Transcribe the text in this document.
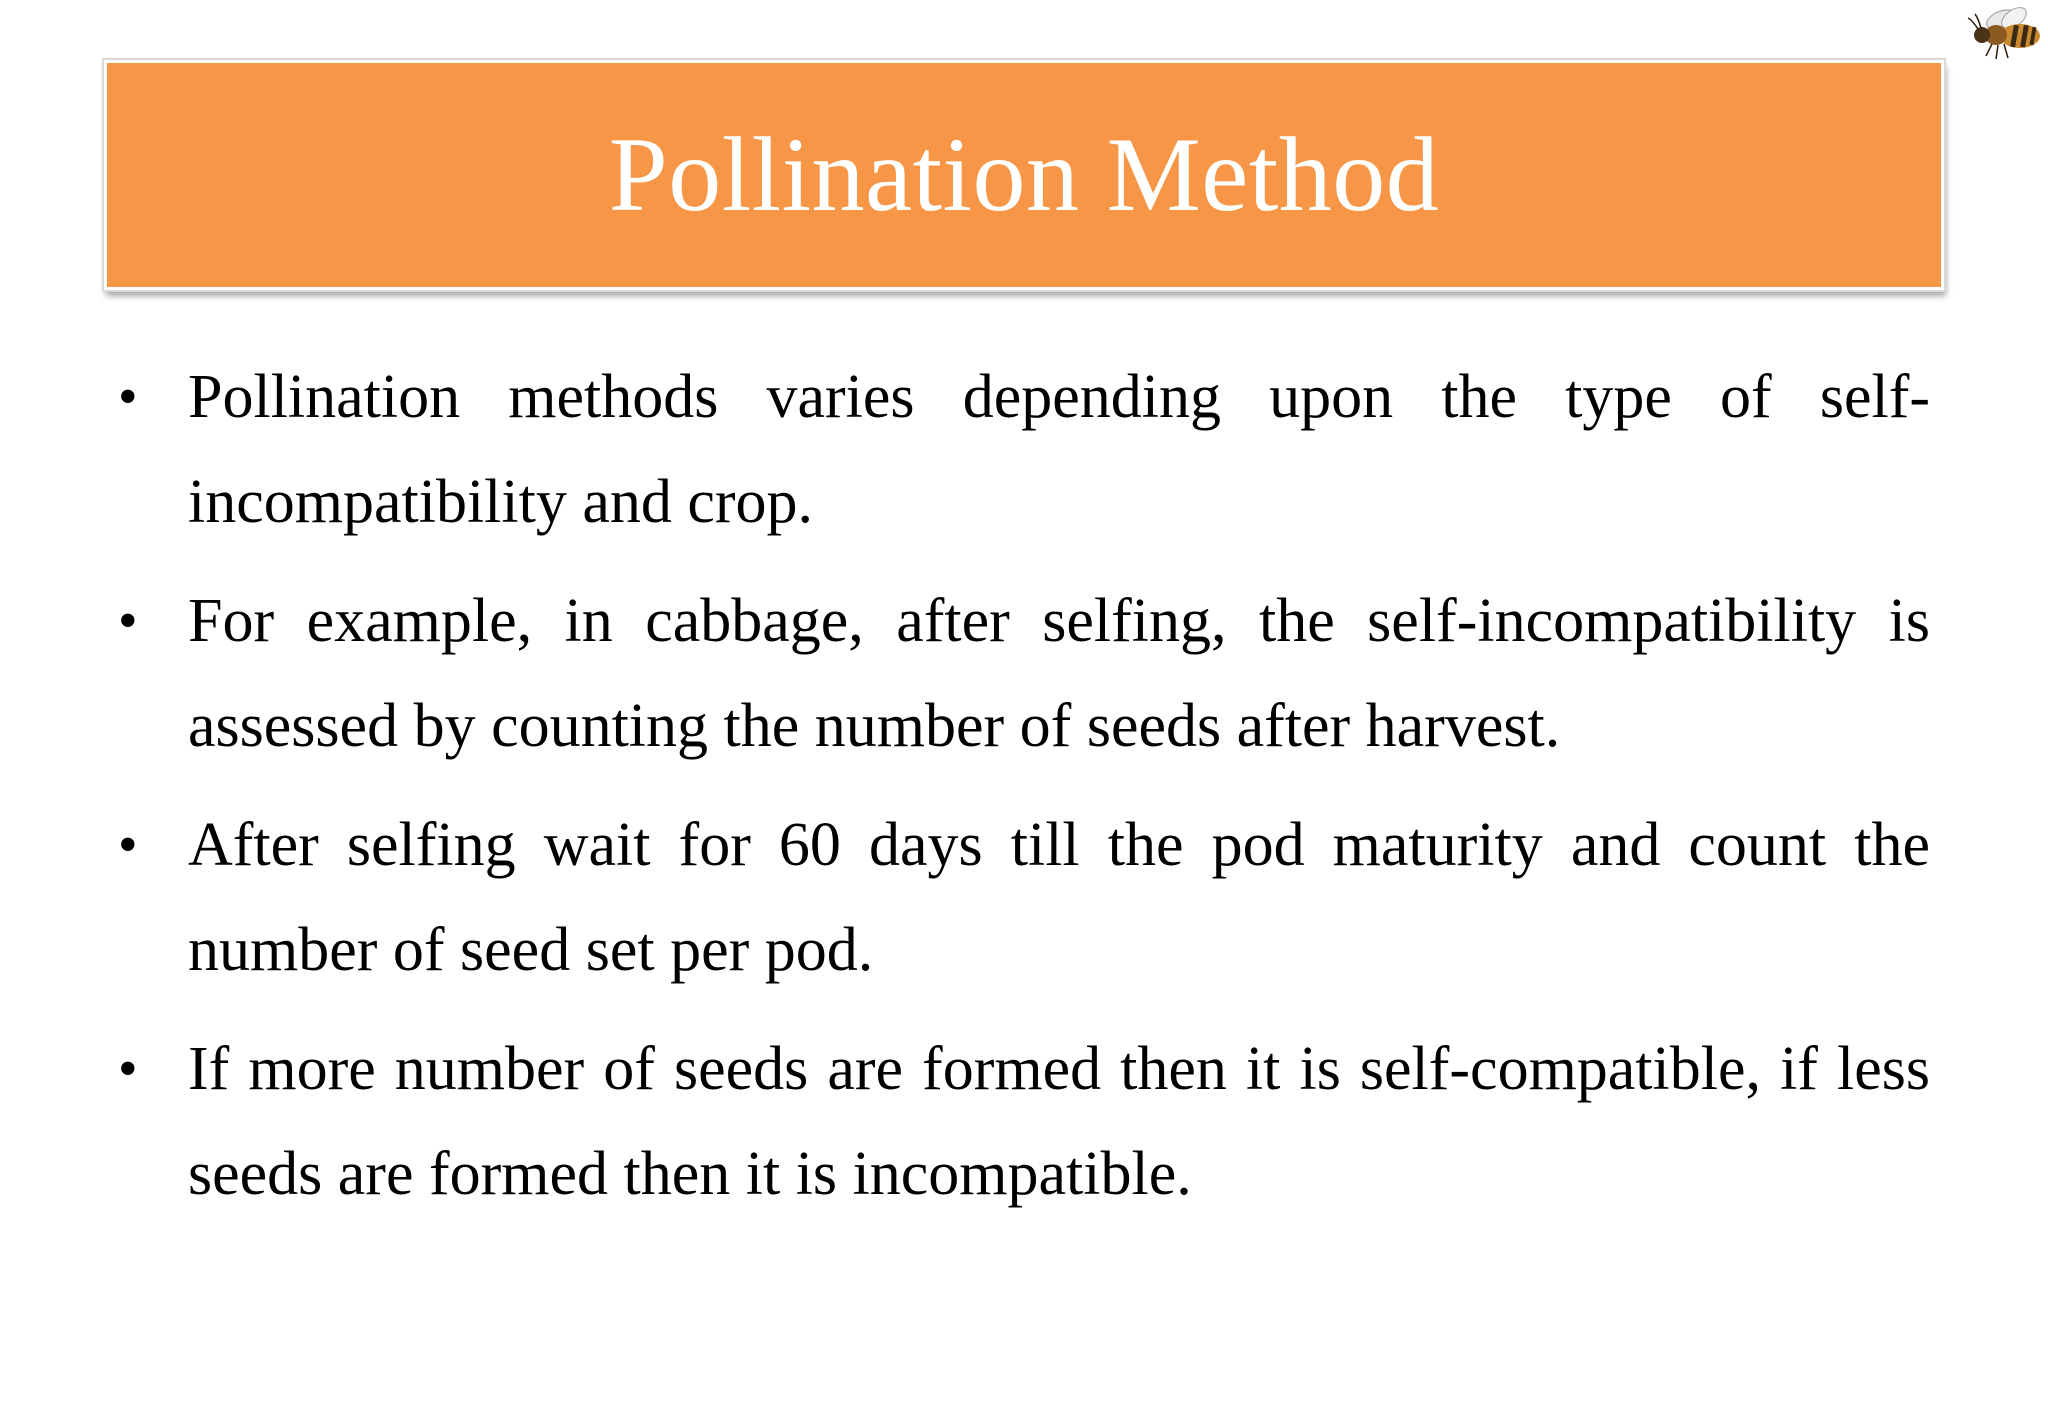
Pollination Method
• Pollination methods varies depending upon the type of self-incompatibility and crop.
• For example, in cabbage, after selfing, the self-incompatibility is assessed by counting the number of seeds after harvest.
• After selfing wait for 60 days till the pod maturity and count the number of seed set per pod.
• If more number of seeds are formed then it is self-compatible, if less seeds are formed then it is incompatible.
